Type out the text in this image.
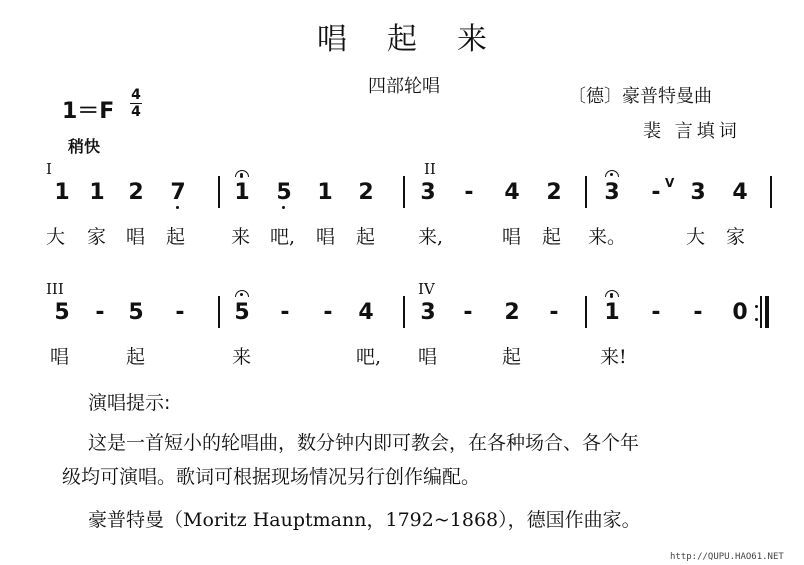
唱起来
四部轮唱	〔德〕豪普特曼曲
裴 言填词
1＝F
4
4
稍快
I	II
1 1 2 7 1 5 1 2 3 - 4 2 3 - 3 4
大 家 唱 起 来 吧, 唱 起 来,	唱 起 来。	大 家
V
III	IV
5 - 5 - 5 - - 4 3 - 2 - 1 - - 0
唱	起	来	吧, 唱	起	来!
演唱提示:
这是一首短小的轮唱曲，数分钟内即可教会，在各种场合、各个年
级均可演唱。歌词可根据现场情况另行创作编配。
豪普特曼（Moritz Hauptmann，1792~1868），德国作曲家。
http://QUPU.HAO61.NET
